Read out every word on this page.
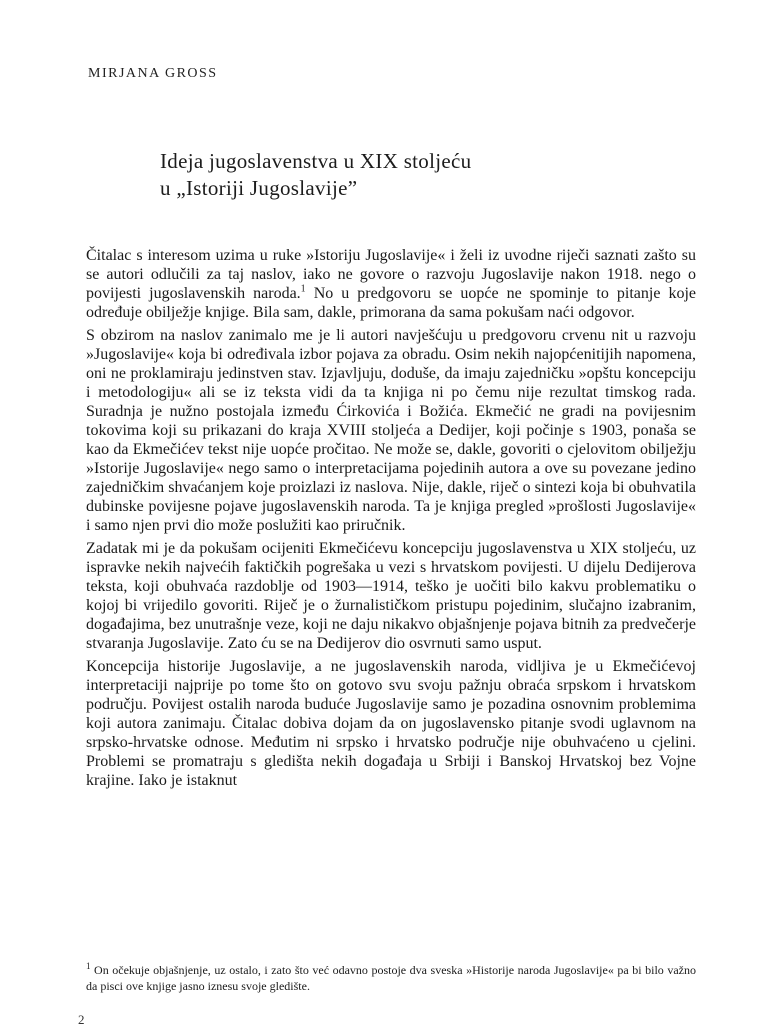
MIRJANA GROSS
Ideja jugoslavenstva u XIX stoljeću
u „Istoriji Jugoslavije”

Čitalac s interesom uzima u ruke »Istoriju Jugoslavije« i želi iz uvodne riječi saznati zašto su se autori odlučili za taj naslov, iako ne govore o razvoju Jugoslavije nakon 1918. nego o povijesti jugoslavenskih naroda.$^1$ No u predgovoru se uopće ne spominje to pitanje koje određuje obilježje knjige. Bila sam, dakle, primorana da sama pokušam naći odgovor.

S obzirom na naslov zanimalo me je li autori navješćuju u predgovoru crvenu nit u razvoju »Jugoslavije« koja bi određivala izbor pojava za obradu. Osim nekih najopćenitijih napomena, oni ne proklamiraju jedinstven stav. Izjavljuju, doduše, da imaju zajedničku »opštu koncepciju i metodologiju« ali se iz teksta vidi da ta knjiga ni po čemu nije rezultat timskog rada. Suradnja je nužno postojala između Ćirkovića i Božića. Ekmečić ne gradi na povijesnim tokovima koji su prikazani do kraja XVIII stoljeća a Dedijer, koji počinje s 1903, ponaša se kao da Ekmečićev tekst nije uopće pročitao. Ne može se, dakle, govoriti o cjelovitom obilježju »Istorije Jugoslavije« nego samo o interpretacijama pojedinih autora a ove su povezane jedino zajedničkim shvaćanjem koje proizlazi iz naslova. Nije, dakle, riječ o sintezi koja bi obuhvatila dubinske povijesne pojave jugoslavenskih naroda. Ta je knjiga pregled »prošlosti Jugoslavije« i samo njen prvi dio može poslužiti kao priručnik.

Zadatak mi je da pokušam ocijeniti Ekmečićevu koncepciju jugoslavenstva u XIX stoljeću, uz ispravke nekih najvećih faktičkih pogrešaka u vezi s hrvatskom povijesti. U dijelu Dedijerova teksta, koji obuhvaća razdoblje od 1903—1914, teško je uočiti bilo kakvu problematiku o kojoj bi vrijedilo govoriti. Riječ je o žurnalističkom pristupu pojedinim, slučajno izabranim, događajima, bez unutrašnje veze, koji ne daju nikakvo objašnjenje pojava bitnih za predvečerje stvaranja Jugoslavije. Zato ću se na Dedijerov dio osvrnuti samo usput.

Koncepcija historije Jugoslavije, a ne jugoslavenskih naroda, vidljiva je u Ekmečićevoj interpretaciji najprije po tome što on gotovo svu svoju pažnju obraća srpskom i hrvatskom području. Povijest ostalih naroda buduće Jugoslavije samo je pozadina osnovnim problemima koji autora zanimaju. Čitalac dobiva dojam da on jugoslavensko pitanje svodi uglavnom na srpsko-hrvatske odnose. Međutim ni srpsko i hrvatsko područje nije obuhvaćeno u cjelini. Problemi se promatraju s gledišta nekih događaja u Srbiji i Banskoj Hrvatskoj bez Vojne krajine. Iako je istaknut

$^1$ On očekuje objašnjenje, uz ostalo, i zato što već odavno postoje dva sveska »Historije naroda Jugoslavije« pa bi bilo važno da pisci ove knjige jasno iznesu svoje gledište.
2
